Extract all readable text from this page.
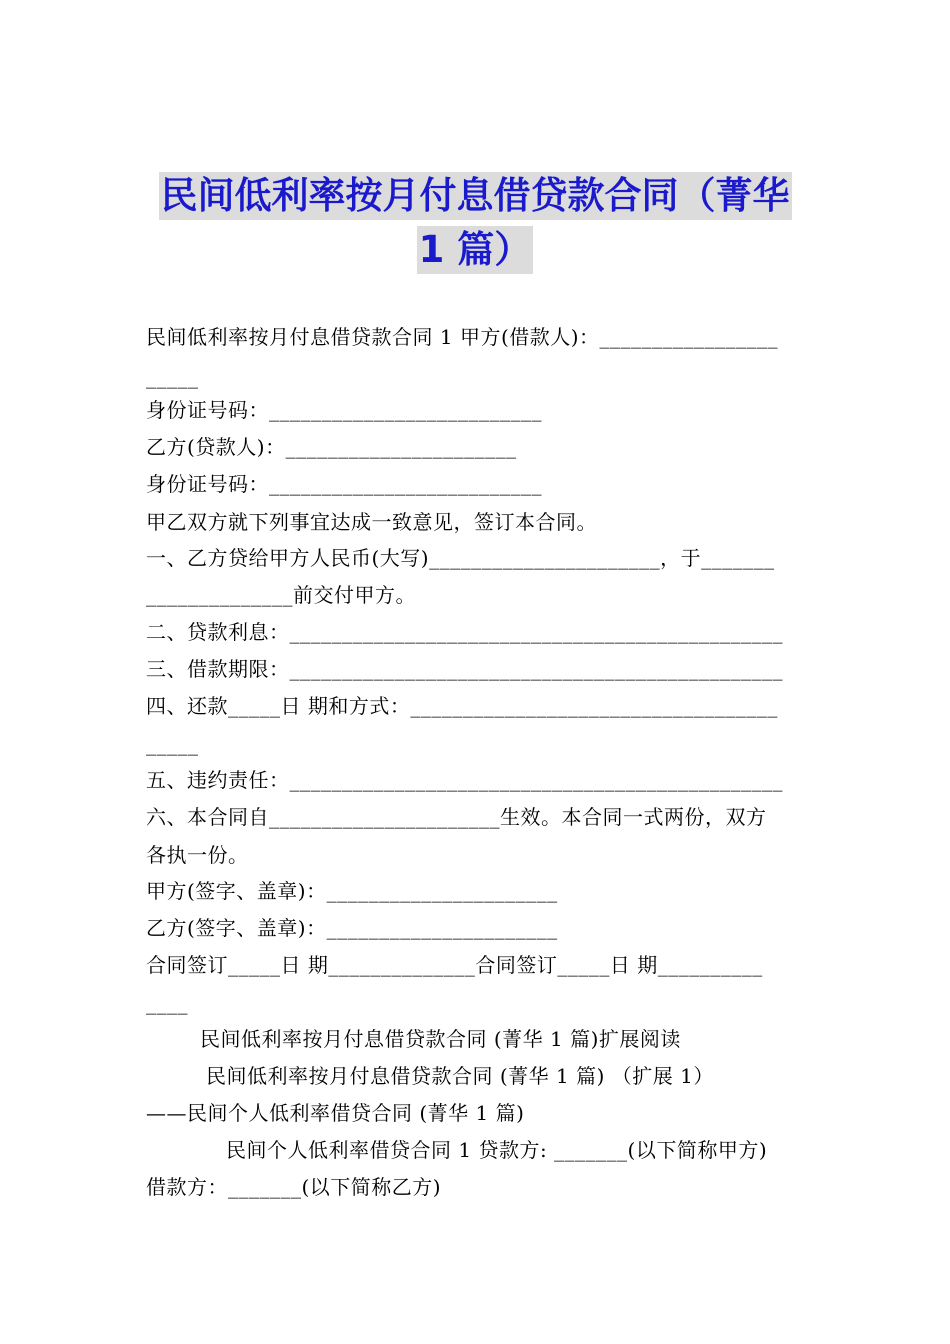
民间低利率按月付息借贷款合同（菁华
1 篇）
民间低利率按月付息借贷款合同 1 甲方(借款人)：_________________
_____
身份证号码：__________________________
乙方(贷款人)：______________________
身份证号码：__________________________
甲乙双方就下列事宜达成一致意见，签订本合同。
一、乙方贷给甲方人民币(大写)______________________，于_______
______________前交付甲方。
二、贷款利息：_______________________________________________
三、借款期限：_______________________________________________
四、还款_____日 期和方式：___________________________________
_____
五、违约责任：_______________________________________________
六、本合同自______________________生效。本合同一式两份，双方
各执一份。
甲方(签字、盖章)：______________________
乙方(签字、盖章)：______________________
合同签订_____日 期______________合同签订_____日 期__________
____
民间低利率按月付息借贷款合同 (菁华 1 篇)扩展阅读
民间低利率按月付息借贷款合同 (菁华 1 篇) （扩展 1）
——民间个人低利率借贷合同 (菁华 1 篇)
民间个人低利率借贷合同 1 贷款方: _______(以下简称甲方)
借款方：_______(以下简称乙方)
